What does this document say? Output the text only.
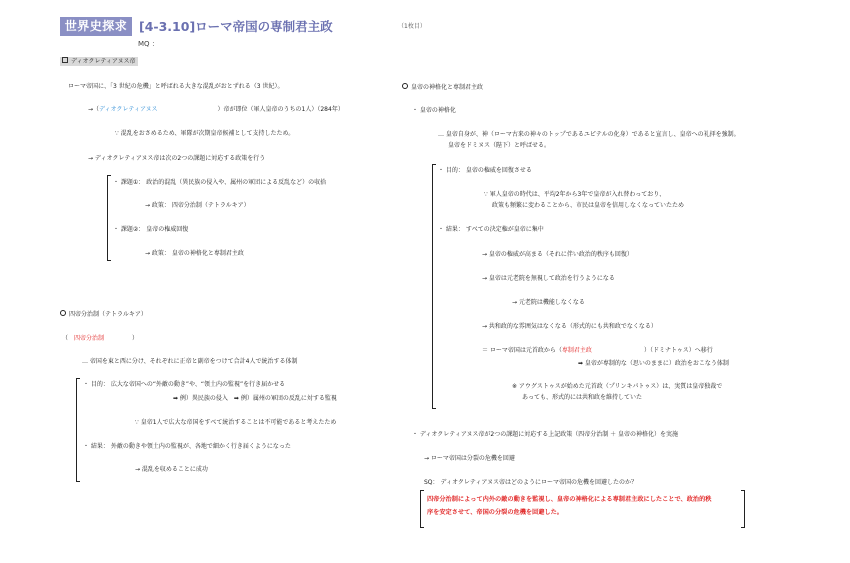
世界史探求 [4-3.10]ローマ帝国の専制君主政	（1枚目）
MQ ：
ディオクレティアヌス帝
ローマ帝国に、「3 世紀の危機」と呼ばれる大きな混乱がおとずれる（3 世紀）。
→（ディオクレティアヌス	）帝が即位（軍人皇帝のうちの1人）（284年）
∵ 混乱をおさめるため、軍隊が次期皇帝候補として支持したため。
→ ディオクレティアヌス帝は次の2つの課題に対応する政策を行う
・ 課題①： 政治的混乱（異民族の侵入や、属州の軍団による反乱など）の収拾
→ 政策： 四帝分治制（テトラルキア）
・ 課題②： 皇帝の権威回復
→ 政策： 皇帝の神格化と専制君主政
四帝分治制（テトラルキア）
（ 四帝分治制	）
… 帝国を東と西に分け、それぞれに正帝と副帝をつけて合計4人で統治する体制
・ 目的： 広大な帝国への“外敵の動き”や、“領土内の監視”を行き届かせる
➡ 例）異民族の侵入　➡ 例）属州の軍団の反乱に対する監視
∵ 皇帝1人で広大な帝国をすべて統治することは不可能であると考えたため
・ 結果： 外敵の動きや領土内の監視が、各地で細かく行き届くようになった
→ 混乱を収めることに成功
皇帝の神格化と専制君主政
・ 皇帝の神格化
… 皇帝自身が、神（ローマ古来の神々のトップであるユピテルの化身）であると宣言し、皇帝への礼拝を強制。
皇帝をドミヌス（陛下）と呼ばせる。
・ 目的： 皇帝の権威を回復させる
∵ 軍人皇帝の時代は、平均2年から3年で皇帝が入れ替わっており、
政策も頻繁に変わることから、市民は皇帝を信用しなくなっていたため
・ 結果： すべての決定権が皇帝に集中
→ 皇帝の権威が高まる（それに伴い政治的秩序も回復）
→ 皇帝は元老院を無視して政治を行うようになる
→ 元老院は機能しなくなる
→ 共和政的な雰囲気はなくなる（形式的にも共和政でなくなる）
＝ ローマ帝国は元首政から（専制君主政	）（ドミナトゥス）へ移行
➡ 皇帝が専制的な（思いのままに）政治をおこなう体制
※ アウグストゥスが始めた元首政（プリンキパトゥス）は、実質は皇帝独裁で
あっても、形式的には共和政を維持していた
・ ディオクレティアヌス帝が2つの課題に対応する上記政策（四帝分治制 ＋ 皇帝の神格化）を実施
→ ローマ帝国は分裂の危機を回避
SQ： ディオクレティアヌス帝はどのようにローマ帝国の危機を回避したのか？
四帝分治制によって内外の敵の動きを監視し、皇帝の神格化による専制君主政にしたことで、政治的秩序を安定させて、帝国の分裂の危機を回避した。
